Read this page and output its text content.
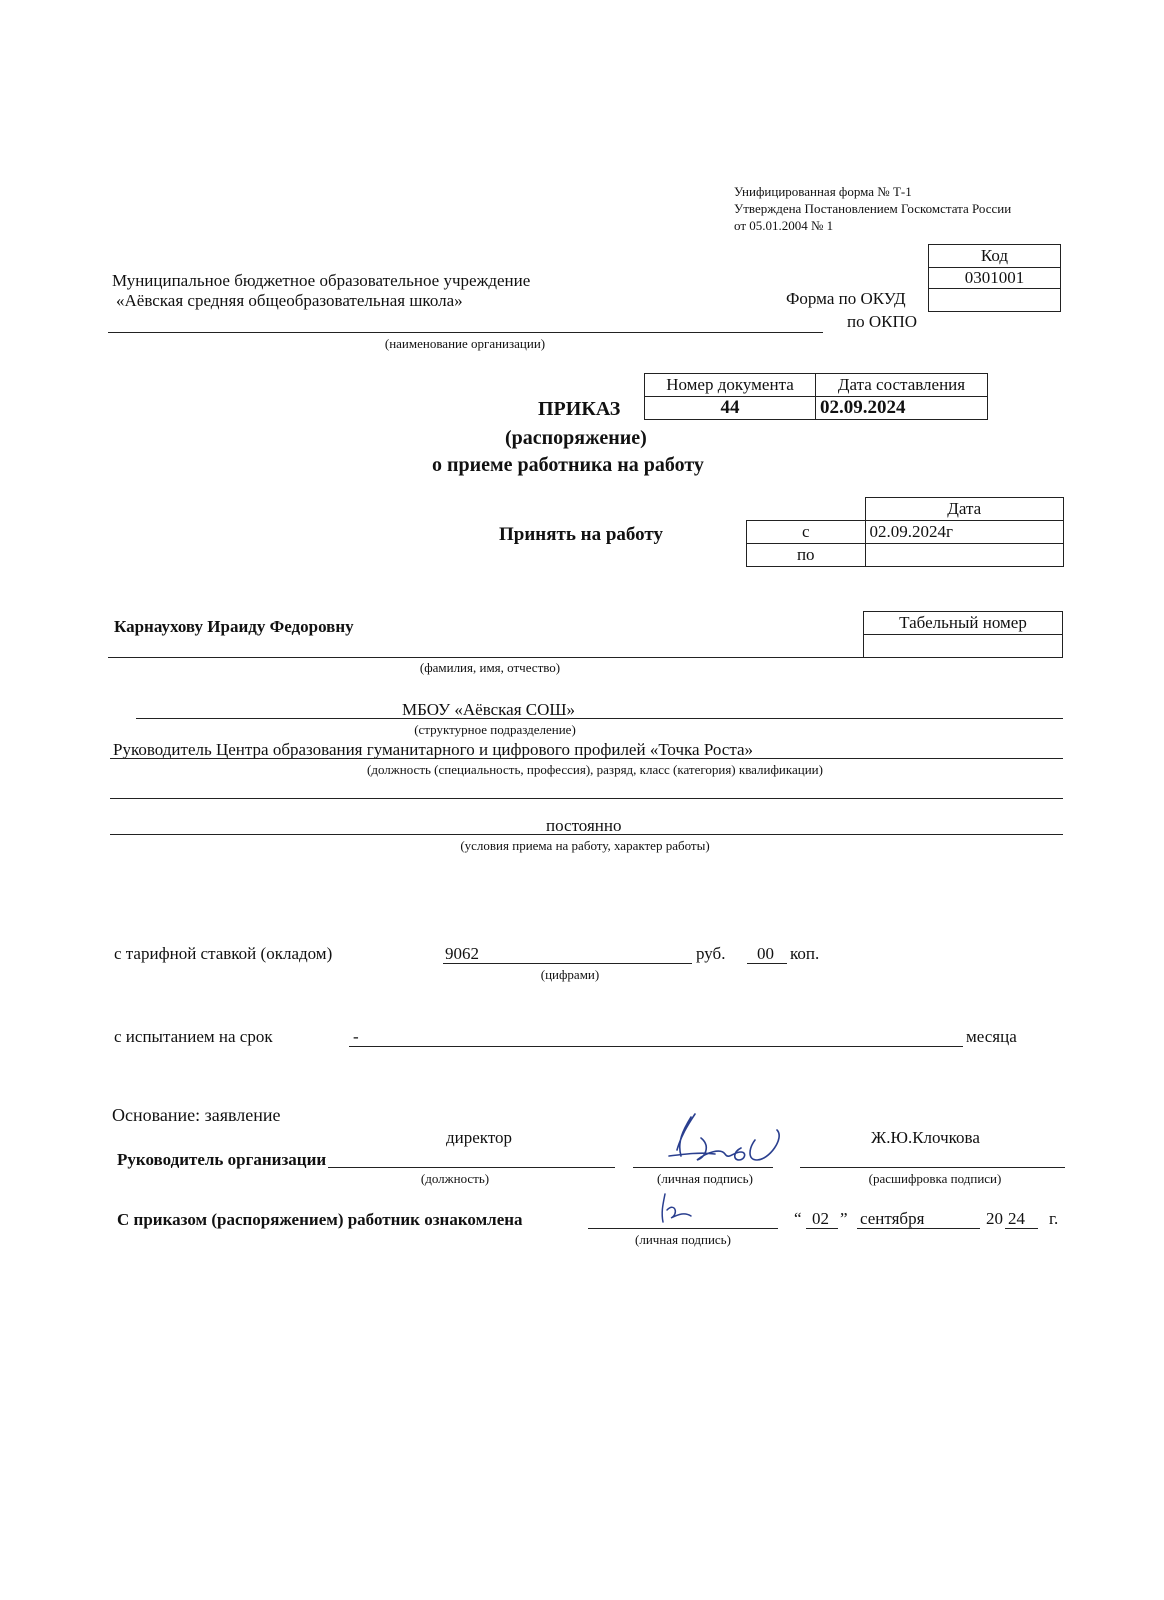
Унифицированная форма № Т-1
Утверждена Постановлением Госкомстата России
от 05.01.2004 № 1
Код
0301001

Форма по ОКУД
по ОКПО
Муниципальное бюджетное образовательное учреждение
«Аёвская средняя общеобразовательная школа»
(наименование организации)
Номер документа	Дата составления
44	02.09.2024
ПРИКАЗ
(распоряжение)
о приеме работника на работу
Принять на работу
	Дата
с	02.09.2024г
по	
Карнаухову Ираиду Федоровну
(фамилия, имя, отчество)
Табельный номер

МБОУ «Аёвская СОШ»
(структурное подразделение)
Руководитель Центра образования гуманитарного и цифрового профилей «Точка Роста»
(должность (специальность, профессия), разряд, класс (категория) квалификации)
постоянно
(условия приема на работу, характер работы)
с тарифной ставкой (окладом)	9062	руб. 00 коп.
(цифрами)
с испытанием на срок	-	месяца
Основание: заявление
директор
Руководитель организации
(должность)	(личная подпись)
Ж.Ю.Клочкова
(расшифровка подписи)
С приказом (распоряжением) работник ознакомлена
(личная подпись)
“ 02 ” сентября	20 24 г.
